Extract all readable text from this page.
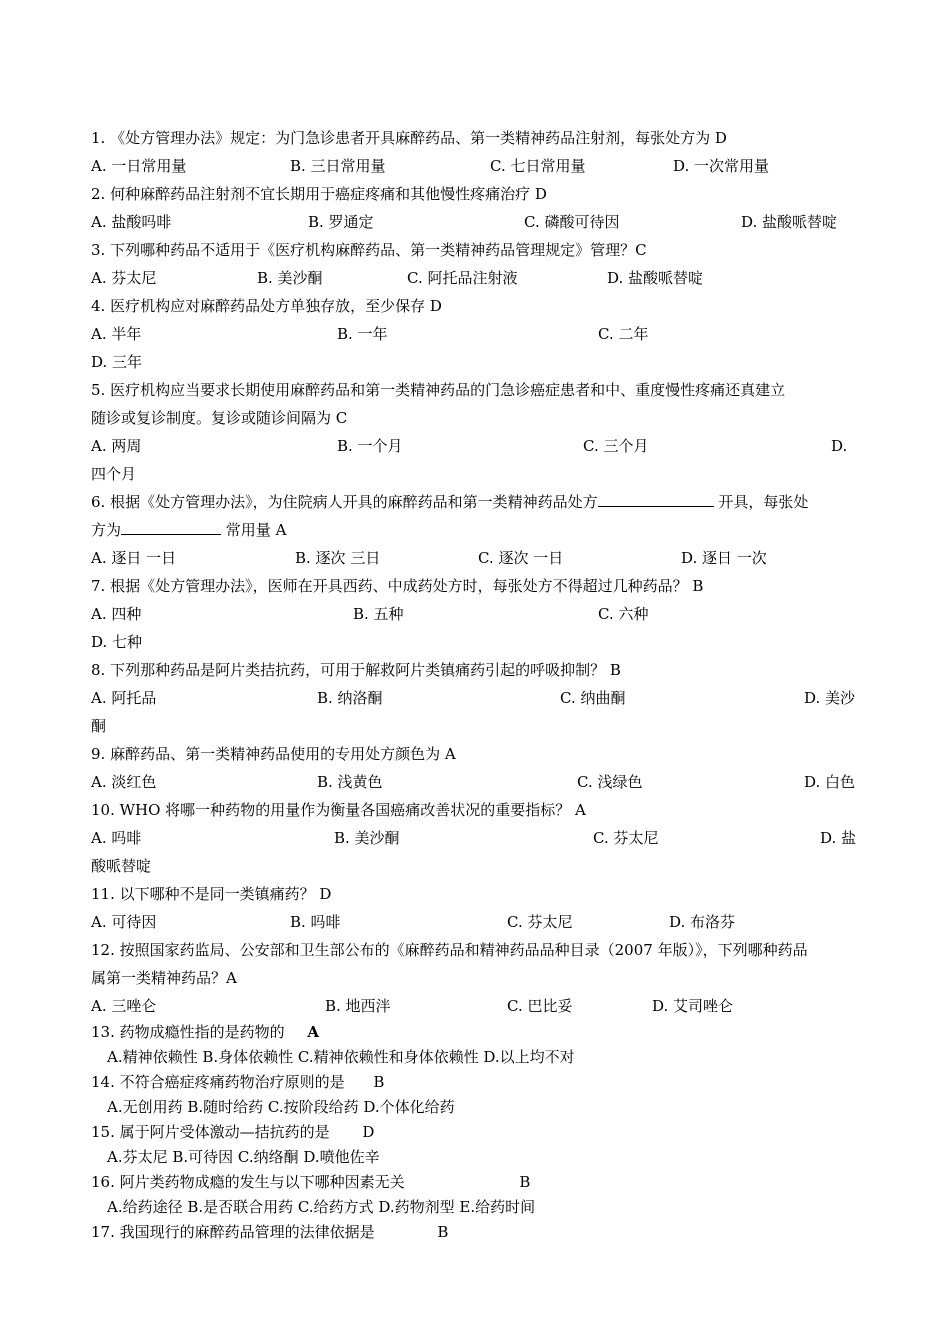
1. 《处方管理办法》规定：为门急诊患者开具麻醉药品、第一类精神药品注射剂，每张处方为 D
A. 一日常用量	B. 三日常用量	C. 七日常用量	D. 一次常用量
2. 何种麻醉药品注射剂不宜长期用于癌症疼痛和其他慢性疼痛治疗 D
A. 盐酸吗啡	B. 罗通定	C. 磷酸可待因	D. 盐酸哌替啶
3. 下列哪种药品不适用于《医疗机构麻醉药品、第一类精神药品管理规定》管理？C
A. 芬太尼	B. 美沙酮	C. 阿托品注射液	D. 盐酸哌替啶
4. 医疗机构应对麻醉药品处方单独存放，至少保存 D
A. 半年	B. 一年	C. 二年
D. 三年
5. 医疗机构应当要求长期使用麻醉药品和第一类精神药品的门急诊癌症患者和中、重度慢性疼痛还真建立
随诊或复诊制度。复诊或随诊间隔为 C
A. 两周	B. 一个月	C. 三个月	D.
四个月
6. 根据《处方管理办法》，为住院病人开具的麻醉药品和第一类精神药品处方	开具，每张处
方为	常用量 A
A. 逐日 一日	B. 逐次 三日	C. 逐次 一日	D. 逐日 一次
7. 根据《处方管理办法》，医师在开具西药、中成药处方时，每张处方不得超过几种药品？ B
A. 四种	B. 五种	C. 六种
D. 七种
8. 下列那种药品是阿片类拮抗药，可用于解救阿片类镇痛药引起的呼吸抑制？ B
A. 阿托品	B. 纳洛酮	C. 纳曲酮	D. 美沙
酮
9. 麻醉药品、第一类精神药品使用的专用处方颜色为 A
A. 淡红色	B. 浅黄色	C. 浅绿色	D. 白色
10. WHO 将哪一种药物的用量作为衡量各国癌痛改善状况的重要指标？ A
A. 吗啡	B. 美沙酮	C. 芬太尼	D. 盐
酸哌替啶
11. 以下哪种不是同一类镇痛药？ D
A. 可待因	B. 吗啡	C. 芬太尼	D. 布洛芬
12. 按照国家药监局、公安部和卫生部公布的《麻醉药品和精神药品品种目录（2007 年版）》，下列哪种药品
属第一类精神药品？A
A. 三唑仑	B. 地西泮	C. 巴比妥	D. 艾司唑仑
13. 药物成瘾性指的是药物的 A
A.精神依赖性 B.身体依赖性 C.精神依赖性和身体依赖性 D.以上均不对
14. 不符合癌症疼痛药物治疗原则的是 B
A.无创用药 B.随时给药 C.按阶段给药 D.个体化给药
15. 属于阿片受体激动—拮抗药的是 D
A.芬太尼 B.可待因 C.纳络酮 D.喷他佐辛
16. 阿片类药物成瘾的发生与以下哪种因素无关	B
A.给药途径 B.是否联合用药 C.给药方式 D.药物剂型 E.给药时间
17. 我国现行的麻醉药品管理的法律依据是	B
